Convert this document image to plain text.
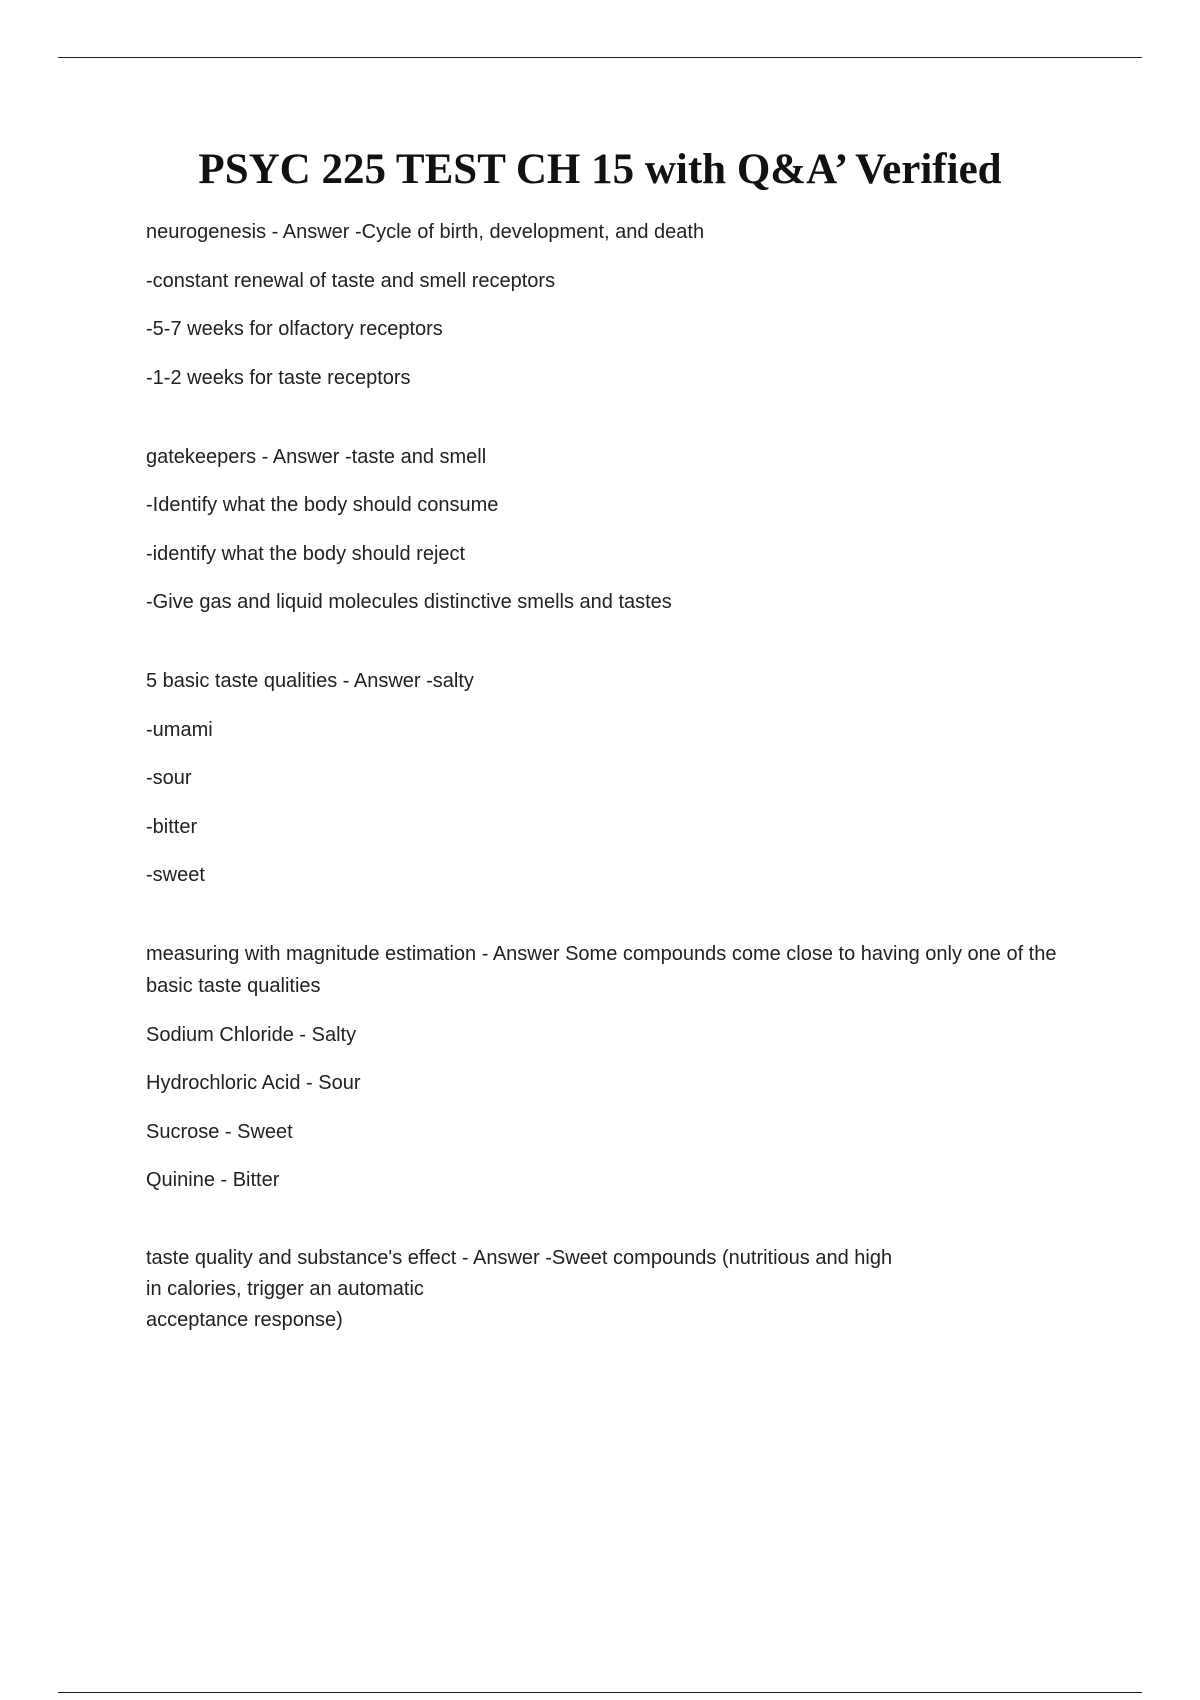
PSYC 225 TEST CH 15 with Q&A’ Verified
neurogenesis - Answer -Cycle of birth, development, and death
-constant renewal of taste and smell receptors
-5-7 weeks for olfactory receptors
-1-2 weeks for taste receptors
gatekeepers - Answer -taste and smell
-Identify what the body should consume
-identify what the body should reject
-Give gas and liquid molecules distinctive smells and tastes
5 basic taste qualities - Answer -salty
-umami
-sour
-bitter
-sweet
measuring with magnitude estimation - Answer Some compounds come close to having only one of the basic taste qualities
Sodium Chloride - Salty
Hydrochloric Acid - Sour
Sucrose - Sweet
Quinine - Bitter
taste quality and substance's effect - Answer -Sweet compounds (nutritious and high
in calories, trigger an automatic
acceptance response)
